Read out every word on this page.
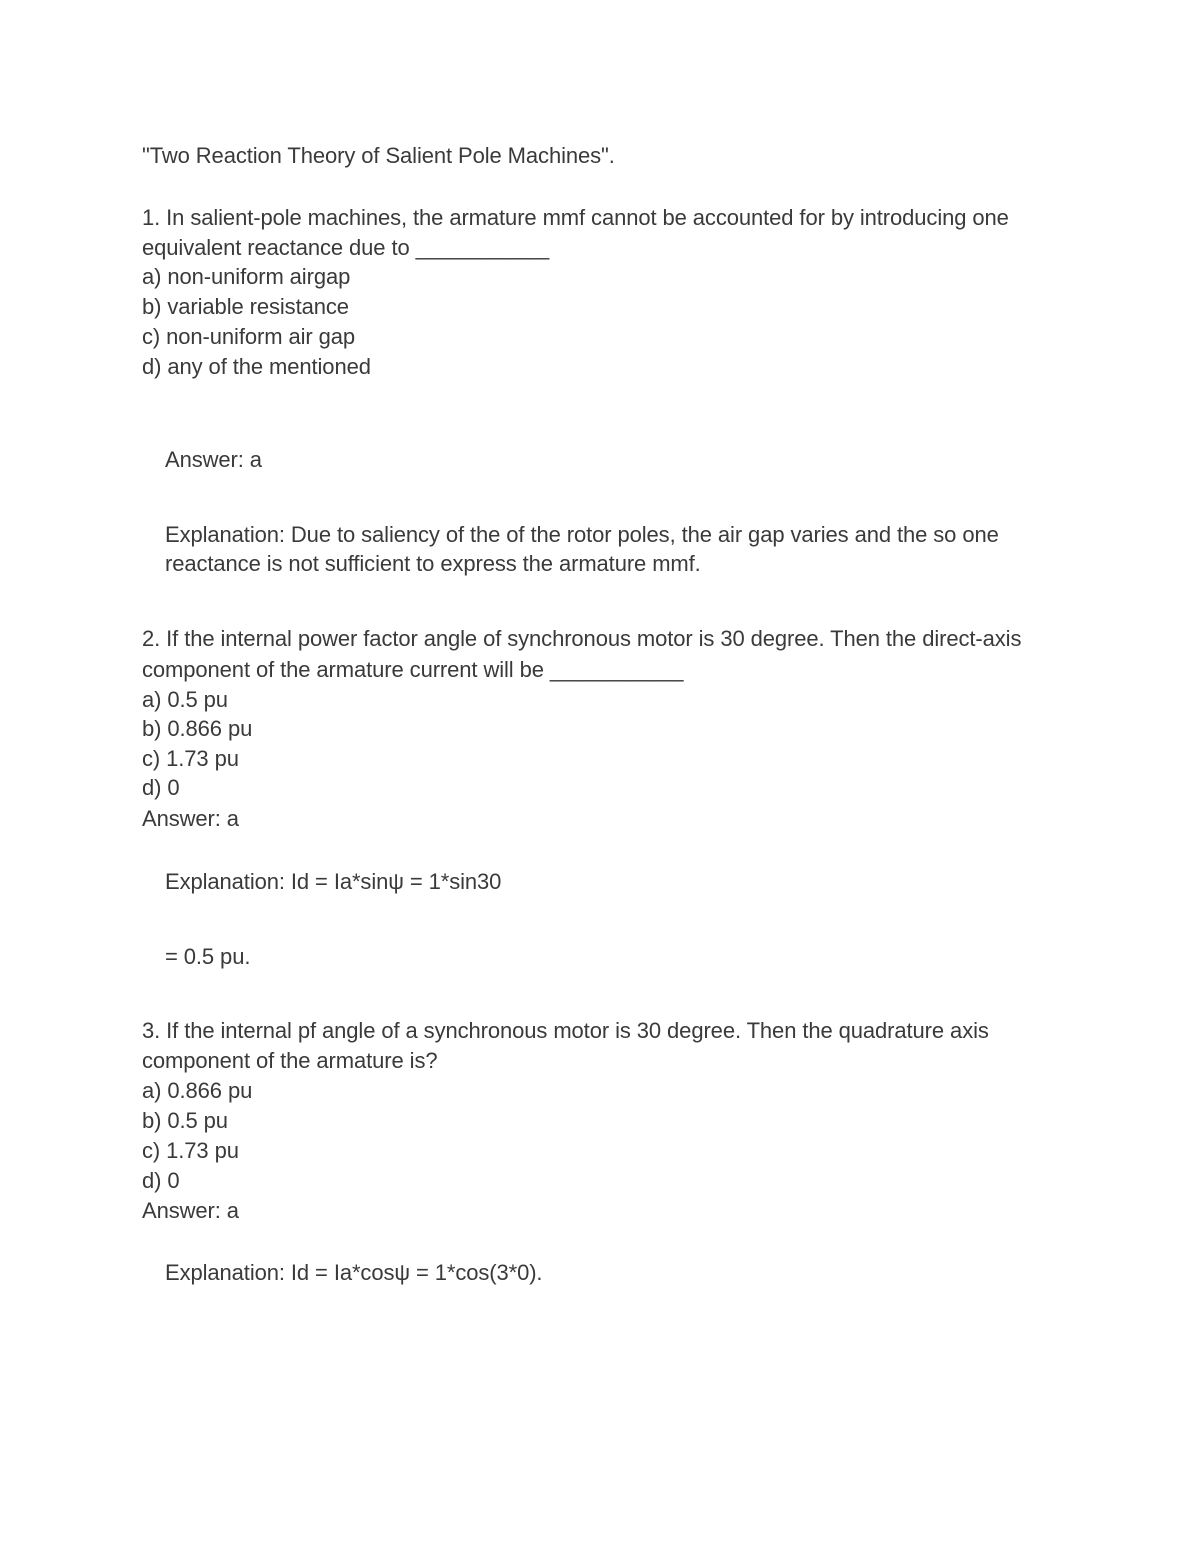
"Two Reaction Theory of Salient Pole Machines".
1. In salient-pole machines, the armature mmf cannot be accounted for by introducing one
equivalent reactance due to ___________
a) non-uniform airgap
b) variable resistance
c) non-uniform air gap
d) any of the mentioned
Answer: a
Explanation: Due to saliency of the of the rotor poles, the air gap varies and the so one
reactance is not sufficient to express the armature mmf.
2. If the internal power factor angle of synchronous motor is 30 degree. Then the direct-axis
component of the armature current will be ___________
a) 0.5 pu
b) 0.866 pu
c) 1.73 pu
d) 0
Answer: a
Explanation: Id = Ia*sinψ = 1*sin30
= 0.5 pu.
3. If the internal pf angle of a synchronous motor is 30 degree. Then the quadrature axis
component of the armature is?
a) 0.866 pu
b) 0.5 pu
c) 1.73 pu
d) 0
Answer: a
Explanation: Id = Ia*cosψ = 1*cos(3*0).
